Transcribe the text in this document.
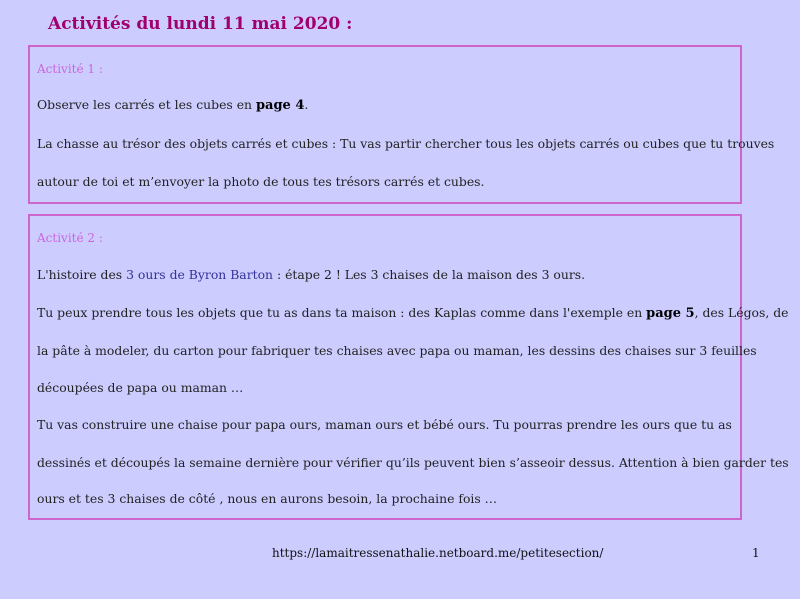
Activités du lundi 11 mai 2020 :
Activité 1 :
Observe les carrés et les cubes en page 4.
La chasse au trésor des objets carrés et cubes : Tu vas partir chercher tous les objets carrés ou cubes que tu trouves
autour de toi et m’envoyer la photo de tous tes trésors carrés et cubes.
Activité 2 :
L'histoire des 3 ours de Byron Barton : étape 2 ! Les 3 chaises de la maison des 3 ours.
Tu peux prendre tous les objets que tu as dans ta maison : des Kaplas comme dans l'exemple en page 5, des Légos, de
la pâte à modeler, du carton pour fabriquer tes chaises avec papa ou maman, les dessins des chaises sur 3 feuilles
découpées de papa ou maman …
Tu vas construire une chaise pour papa ours, maman ours et bébé ours. Tu pourras prendre les ours que tu as
dessinés et découpés la semaine dernière pour vérifier qu’ils peuvent bien s’asseoir dessus. Attention à bien garder tes
ours et tes 3 chaises de côté , nous en aurons besoin, la prochaine fois …
https://lamaitressenathalie.netboard.me/petitesection/	1
